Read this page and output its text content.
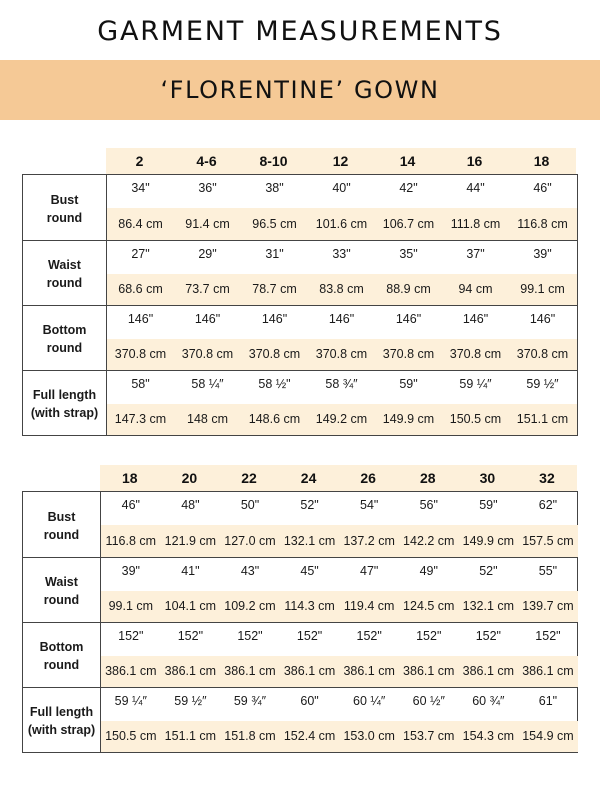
GARMENT MEASUREMENTS
‘FLORENTINE’ GOWN
2	4-6	8-10	12	14	16	18
Bust
round
34"	36"	38"	40"	42"	44"	46"
86.4 cm	91.4 cm	96.5 cm	101.6 cm	106.7 cm	111.8 cm	116.8 cm
Waist
round
27"	29"	31"	33"	35"	37"	39"
68.6 cm	73.7 cm	78.7 cm	83.8 cm	88.9 cm	94 cm	99.1 cm
Bottom
round
146"	146"	146"	146"	146"	146"	146"
370.8 cm	370.8 cm	370.8 cm	370.8 cm	370.8 cm	370.8 cm	370.8 cm
Full length
(with strap)
58"	58 ¼″	58 ½"	58 ¾″	59"	59 ¼″	59 ½″
147.3 cm	148 cm	148.6 cm	149.2 cm	149.9 cm	150.5 cm	151.1 cm
18	20	22	24	26	28	30	32
Bust
round
46"	48"	50"	52"	54"	56"	59"	62"
116.8 cm 121.9 cm 127.0 cm 132.1 cm 137.2 cm 142.2 cm 149.9 cm 157.5 cm
Waist
round
39"	41"	43"	45"	47"	49"	52"	55"
99.1 cm 104.1 cm 109.2 cm 114.3 cm 119.4 cm 124.5 cm 132.1 cm 139.7 cm
Bottom
round
152"	152"	152"	152"	152"	152"	152"	152"
386.1 cm 386.1 cm 386.1 cm 386.1 cm 386.1 cm 386.1 cm 386.1 cm 386.1 cm
Full length
(with strap)
59 ¼″	59 ½″	59 ¾″	60"	60 ¼″	60 ½″	60 ¾″	61"
150.5 cm 151.1 cm 151.8 cm 152.4 cm 153.0 cm 153.7 cm 154.3 cm 154.9 cm
